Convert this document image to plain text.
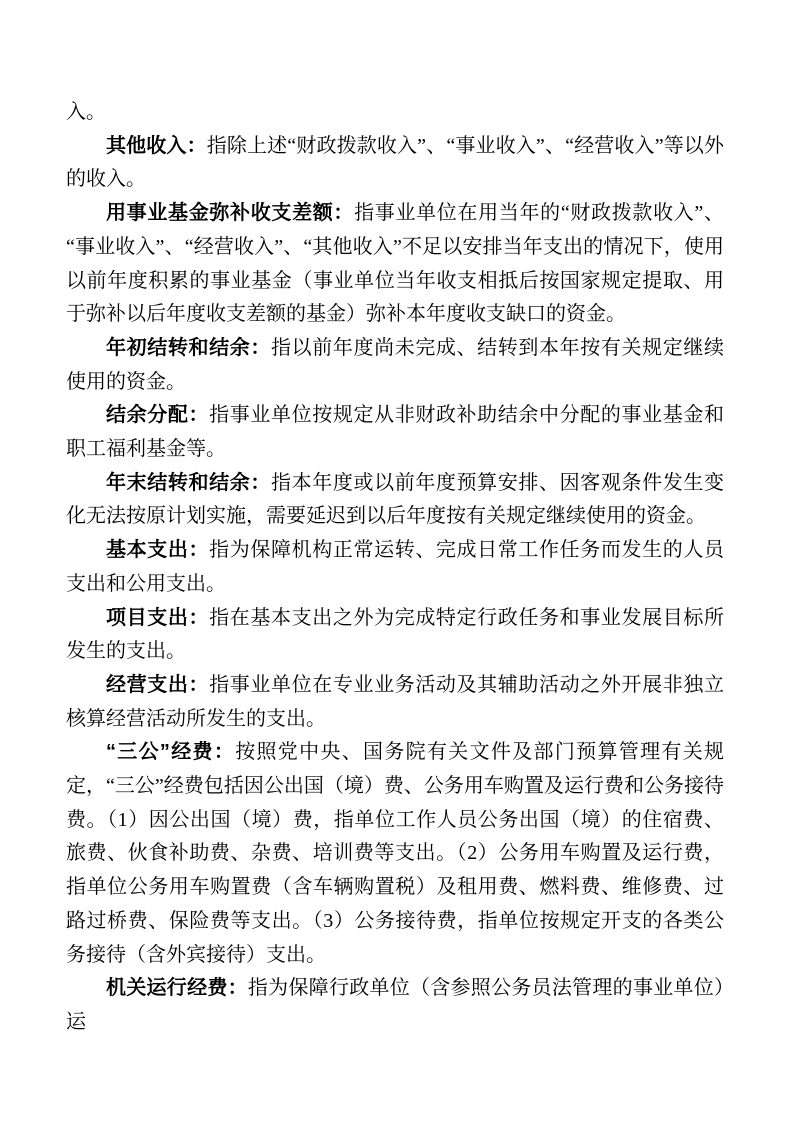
入。

其他收入：指除上述“财政拨款收入”、“事业收入”、“经营收入”等以外的收入。

用事业基金弥补收支差额：指事业单位在用当年的“财政拨款收入”、“事业收入”、“经营收入”、“其他收入”不足以安排当年支出的情况下，使用以前年度积累的事业基金（事业单位当年收支相抵后按国家规定提取、用于弥补以后年度收支差额的基金）弥补本年度收支缺口的资金。

年初结转和结余：指以前年度尚未完成、结转到本年按有关规定继续使用的资金。

结余分配：指事业单位按规定从非财政补助结余中分配的事业基金和职工福利基金等。

年末结转和结余：指本年度或以前年度预算安排、因客观条件发生变化无法按原计划实施，需要延迟到以后年度按有关规定继续使用的资金。

基本支出：指为保障机构正常运转、完成日常工作任务而发生的人员支出和公用支出。

项目支出：指在基本支出之外为完成特定行政任务和事业发展目标所发生的支出。

经营支出：指事业单位在专业业务活动及其辅助活动之外开展非独立核算经营活动所发生的支出。

“三公”经费：按照党中央、国务院有关文件及部门预算管理有关规定，“三公”经费包括因公出国（境）费、公务用车购置及运行费和公务接待费。（1）因公出国（境）费，指单位工作人员公务出国（境）的住宿费、旅费、伙食补助费、杂费、培训费等支出。（2）公务用车购置及运行费，指单位公务用车购置费（含车辆购置税）及租用费、燃料费、维修费、过路过桥费、保险费等支出。（3）公务接待费，指单位按规定开支的各类公务接待（含外宾接待）支出。

机关运行经费：指为保障行政单位（含参照公务员法管理的事业单位）运
